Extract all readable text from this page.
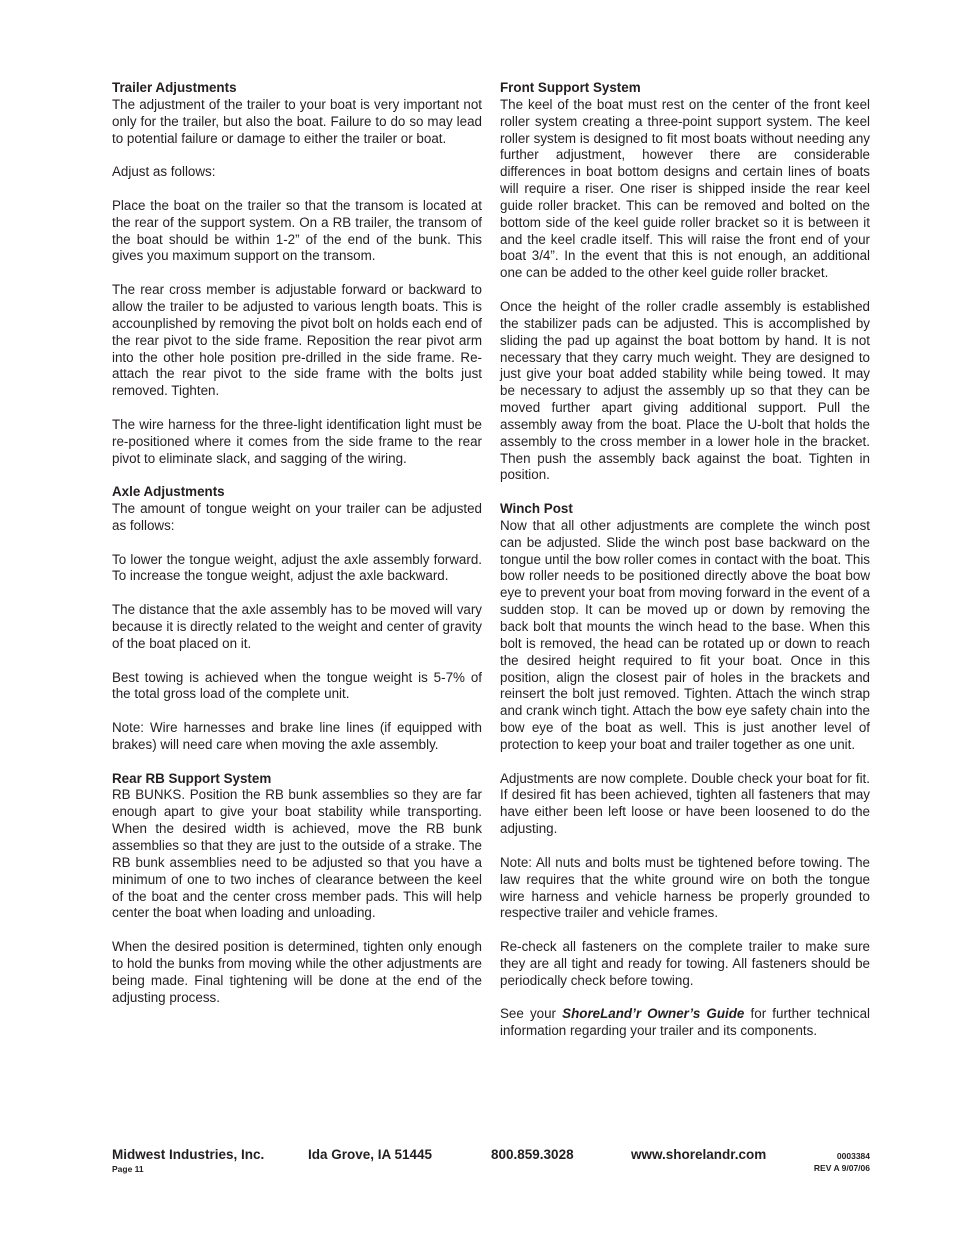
Trailer Adjustments

The adjustment of the trailer to your boat is very important not only for the trailer, but also the boat. Failure to do so may lead to potential failure or damage to either the trailer or boat.

Adjust as follows:

Place the boat on the trailer so that the transom is located at the rear of the support system. On a RB trailer, the transom of the boat should be within 1-2” of the end of the bunk. This gives you maximum support on the transom.

The rear cross member is adjustable forward or backward to allow the trailer to be adjusted to various length boats. This is accounplished by removing the pivot bolt on holds each end of the rear pivot to the side frame. Reposition the rear pivot arm into the other hole position pre-drilled in the side frame. Re-attach the rear pivot to the side frame with the bolts just removed. Tighten.

The wire harness for the three-light identification light must be re-positioned where it comes from the side frame to the rear pivot to eliminate slack, and sagging of the wiring.

Axle Adjustments

The amount of tongue weight on your trailer can be adjusted as follows:

To lower the tongue weight, adjust the axle assembly forward. To increase the tongue weight, adjust the axle backward.

The distance that the axle assembly has to be moved will vary because it is directly related to the weight and center of gravity of the boat placed on it.

Best towing is achieved when the tongue weight is 5-7% of the total gross load of the complete unit.

Note: Wire harnesses and brake line lines (if equipped with brakes) will need care when moving the axle assembly.

Rear RB Support System

RB BUNKS. Position the RB bunk assemblies so they are far enough apart to give your boat stability while transporting. When the desired width is achieved, move the RB bunk assemblies so that they are just to the outside of a strake. The RB bunk assemblies need to be adjusted so that you have a minimum of one to two inches of clearance between the keel of the boat and the center cross member pads. This will help center the boat when loading and unloading.

When the desired position is determined, tighten only enough to hold the bunks from moving while the other adjustments are being made. Final tightening will be done at the end of the adjusting process.

Front Support System

The keel of the boat must rest on the center of the front keel roller system creating a three-point support system. The keel roller system is designed to fit most boats without needing any further adjustment, however there are considerable differences in boat bottom designs and certain lines of boats will require a riser. One riser is shipped inside the rear keel guide roller bracket. This can be removed and bolted on the bottom side of the keel guide roller bracket so it is between it and the keel cradle itself. This will raise the front end of your boat 3/4”. In the event that this is not enough, an additional one can be added to the other keel guide roller bracket.

Once the height of the roller cradle assembly is established the stabilizer pads can be adjusted. This is accomplished by sliding the pad up against the boat bottom by hand. It is not necessary that they carry much weight. They are designed to just give your boat added stability while being towed. It may be necessary to adjust the assembly up so that they can be moved further apart giving additional support. Pull the assembly away from the boat. Place the U-bolt that holds the assembly to the cross member in a lower hole in the bracket. Then push the assembly back against the boat. Tighten in position.

Winch Post

Now that all other adjustments are complete the winch post can be adjusted. Slide the winch post base backward on the tongue until the bow roller comes in contact with the boat. This bow roller needs to be positioned directly above the boat bow eye to prevent your boat from moving forward in the event of a sudden stop. It can be moved up or down by removing the back bolt that mounts the winch head to the base. When this bolt is removed, the head can be rotated up or down to reach the desired height required to fit your boat. Once in this position, align the closest pair of holes in the brackets and reinsert the bolt just removed. Tighten. Attach the winch strap and crank winch tight. Attach the bow eye safety chain into the bow eye of the boat as well. This is just another level of protection to keep your boat and trailer together as one unit.

Adjustments are now complete. Double check your boat for fit. If desired fit has been achieved, tighten all fasteners that may have either been left loose or have been loosened to do the adjusting.

Note: All nuts and bolts must be tightened before towing. The law requires that the white ground wire on both the tongue wire harness and vehicle harness be properly grounded to respective trailer and vehicle frames.

Re-check all fasteners on the complete trailer to make sure they are all tight and ready for towing. All fasteners should be periodically check before towing.

See your ShoreLand’r Owner’s Guide for further technical information regarding your trailer and its components.

Midwest Industries, Inc.	Ida Grove, IA 51445	800.859.3028	www.shorelandr.com
Page 11
0003384
REV A 9/07/06
